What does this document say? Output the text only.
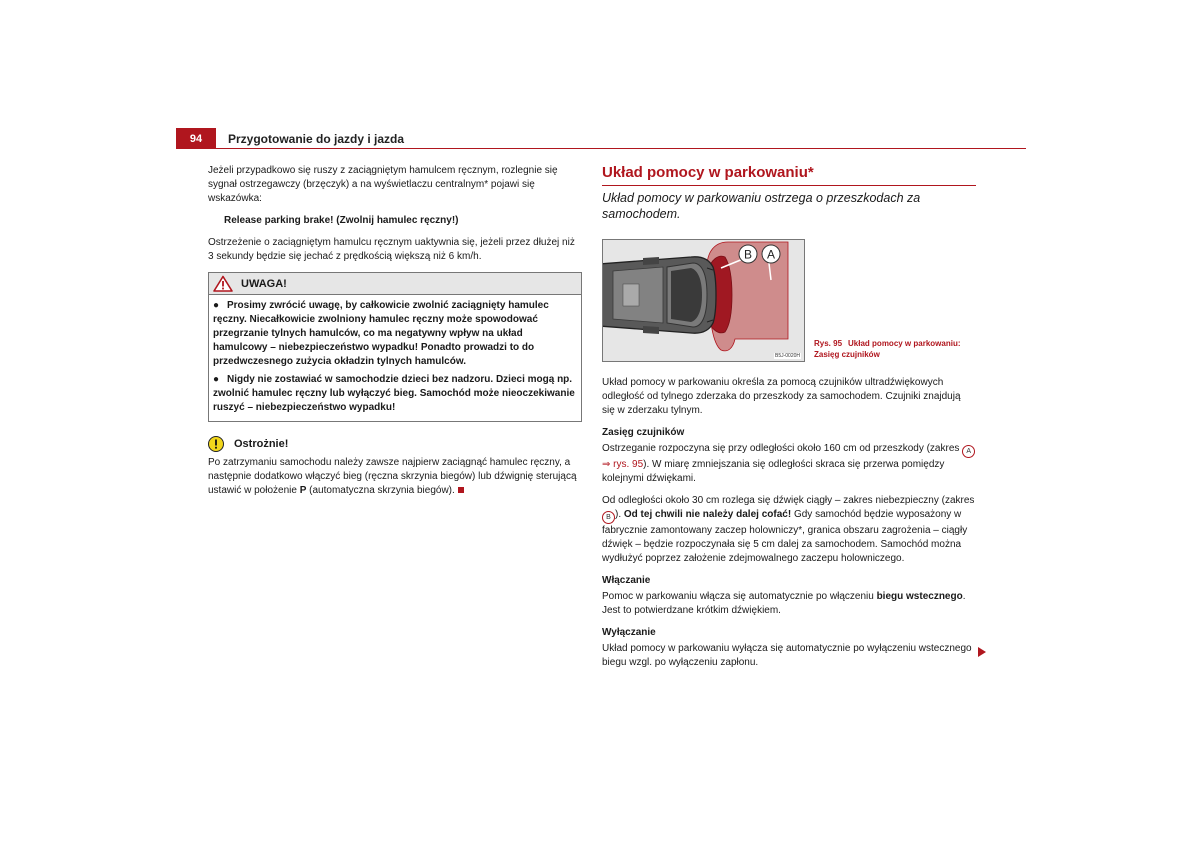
94	Przygotowanie do jazdy i jazda

Jeżeli przypadkowo się ruszy z zaciągniętym hamulcem ręcznym, rozlegnie się sygnał ostrzegawczy (brzęczyk) a na wyświetlaczu centralnym* pojawi się wskazówka:

Release parking brake! (Zwolnij hamulec ręczny!)

Ostrzeżenie o zaciągniętym hamulcu ręcznym uaktywnia się, jeżeli przez dłużej niż 3 sekundy będzie się jechać z prędkością większą niż 6 km/h.

UWAGA!

● Prosimy zwrócić uwagę, by całkowicie zwolnić zaciągnięty hamulec ręczny. Niecałkowicie zwolniony hamulec ręczny może spowodować przegrzanie tylnych hamulców, co ma negatywny wpływ na układ hamulcowy – niebezpieczeństwo wypadku! Ponadto prowadzi to do przedwczesnego zużycia okładzin tylnych hamulców.

● Nigdy nie zostawiać w samochodzie dzieci bez nadzoru. Dzieci mogą np. zwolnić hamulec ręczny lub wyłączyć bieg. Samochód może nieoczekiwanie ruszyć – niebezpieczeństwo wypadku!

Ostrożnie!

Po zatrzymaniu samochodu należy zawsze najpierw zaciągnąć hamulec ręczny, a następnie dodatkowo włączyć bieg (ręczna skrzynia biegów) lub dźwignię sterującą ustawić w położenie P (automatyczna skrzynia biegów).

Układ pomocy w parkowaniu*

Układ pomocy w parkowaniu ostrzega o przeszkodach za samochodem.

B A
B5J-0020H
Rys. 95 Układ pomocy w parkowaniu:
Zasięg czujników

Układ pomocy w parkowaniu określa za pomocą czujników ultradźwiękowych odległość od tylnego zderzaka do przeszkody za samochodem. Czujniki znajdują się w zderzaku tylnym.

Zasięg czujników

Ostrzeganie rozpoczyna się przy odległości około 160 cm od przeszkody (zakres A
⇒ rys. 95). W miarę zmniejszania się odległości skraca się przerwa pomiędzy kolejnymi dźwiękami.

Od odległości około 30 cm rozlega się dźwięk ciągły – zakres niebezpieczny (zakres
B ). Od tej chwili nie należy dalej cofać! Gdy samochód będzie wyposażony w fabrycznie zamontowany zaczep holowniczy*, granica obszaru zagrożenia – ciągły dźwięk – będzie rozpoczynała się 5 cm dalej za samochodem. Samochód można wydłużyć poprzez założenie zdejmowalnego zaczepu holowniczego.

Włączanie

Pomoc w parkowaniu włącza się automatycznie po włączeniu biegu wstecznego. Jest to potwierdzane krótkim dźwiękiem.

Wyłączanie

Układ pomocy w parkowaniu wyłącza się automatycznie po wyłączeniu wstecznego biegu wzgl. po wyłączeniu zapłonu.
